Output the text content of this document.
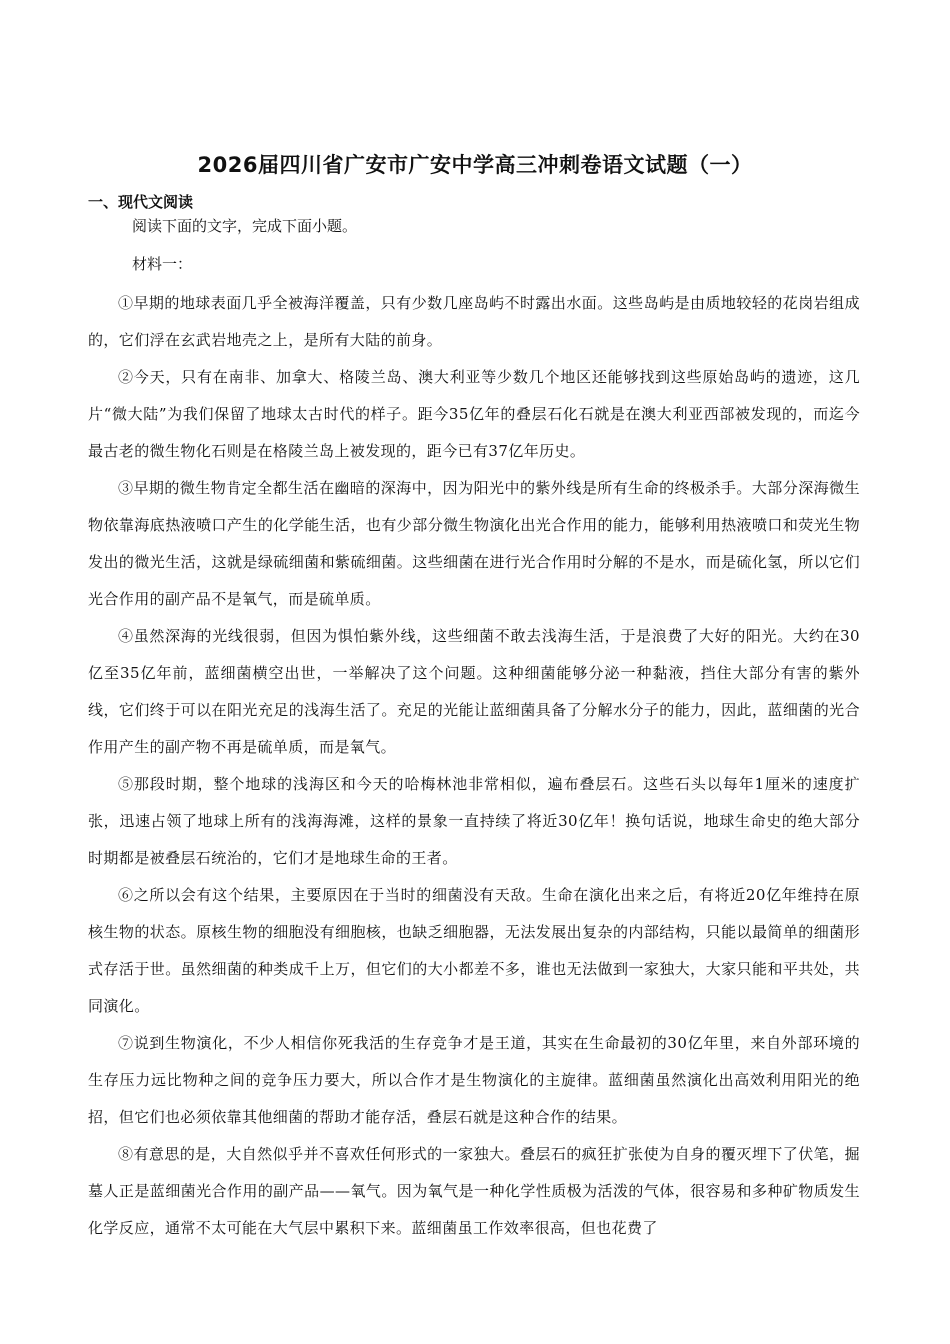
2026届四川省广安市广安中学高三冲刺卷语文试题（一）
一、现代文阅读
阅读下面的文字，完成下面小题。
材料一：

①早期的地球表面几乎全被海洋覆盖，只有少数几座岛屿不时露出水面。这些岛屿是由质地较轻的花岗岩组成的，它们浮在玄武岩地壳之上，是所有大陆的前身。

②今天，只有在南非、加拿大、格陵兰岛、澳大利亚等少数几个地区还能够找到这些原始岛屿的遗迹，这几片“微大陆”为我们保留了地球太古时代的样子。距今35亿年的叠层石化石就是在澳大利亚西部被发现的，而迄今最古老的微生物化石则是在格陵兰岛上被发现的，距今已有37亿年历史。

③早期的微生物肯定全都生活在幽暗的深海中，因为阳光中的紫外线是所有生命的终极杀手。大部分深海微生物依靠海底热液喷口产生的化学能生活，也有少部分微生物演化出光合作用的能力，能够利用热液喷口和荧光生物发出的微光生活，这就是绿硫细菌和紫硫细菌。这些细菌在进行光合作用时分解的不是水，而是硫化氢，所以它们光合作用的副产品不是氧气，而是硫单质。

④虽然深海的光线很弱，但因为惧怕紫外线，这些细菌不敢去浅海生活，于是浪费了大好的阳光。大约在30亿至35亿年前，蓝细菌横空出世，一举解决了这个问题。这种细菌能够分泌一种黏液，挡住大部分有害的紫外线，它们终于可以在阳光充足的浅海生活了。充足的光能让蓝细菌具备了分解水分子的能力，因此，蓝细菌的光合作用产生的副产物不再是硫单质，而是氧气。

⑤那段时期，整个地球的浅海区和今天的哈梅林池非常相似，遍布叠层石。这些石头以每年1厘米的速度扩张，迅速占领了地球上所有的浅海海滩，这样的景象一直持续了将近30亿年！换句话说，地球生命史的绝大部分时期都是被叠层石统治的，它们才是地球生命的王者。

⑥之所以会有这个结果，主要原因在于当时的细菌没有天敌。生命在演化出来之后，有将近20亿年维持在原核生物的状态。原核生物的细胞没有细胞核，也缺乏细胞器，无法发展出复杂的内部结构，只能以最简单的细菌形式存活于世。虽然细菌的种类成千上万，但它们的大小都差不多，谁也无法做到一家独大，大家只能和平共处，共同演化。

⑦说到生物演化，不少人相信你死我活的生存竞争才是王道，其实在生命最初的30亿年里，来自外部环境的生存压力远比物种之间的竞争压力要大，所以合作才是生物演化的主旋律。蓝细菌虽然演化出高效利用阳光的绝招，但它们也必须依靠其他细菌的帮助才能存活，叠层石就是这种合作的结果。

⑧有意思的是，大自然似乎并不喜欢任何形式的一家独大。叠层石的疯狂扩张使为自身的覆灭埋下了伏笔，掘墓人正是蓝细菌光合作用的副产品——氧气。因为氧气是一种化学性质极为活泼的气体，很容易和多种矿物质发生化学反应，通常不太可能在大气层中累积下来。蓝细菌虽工作效率很高，但也花费了
